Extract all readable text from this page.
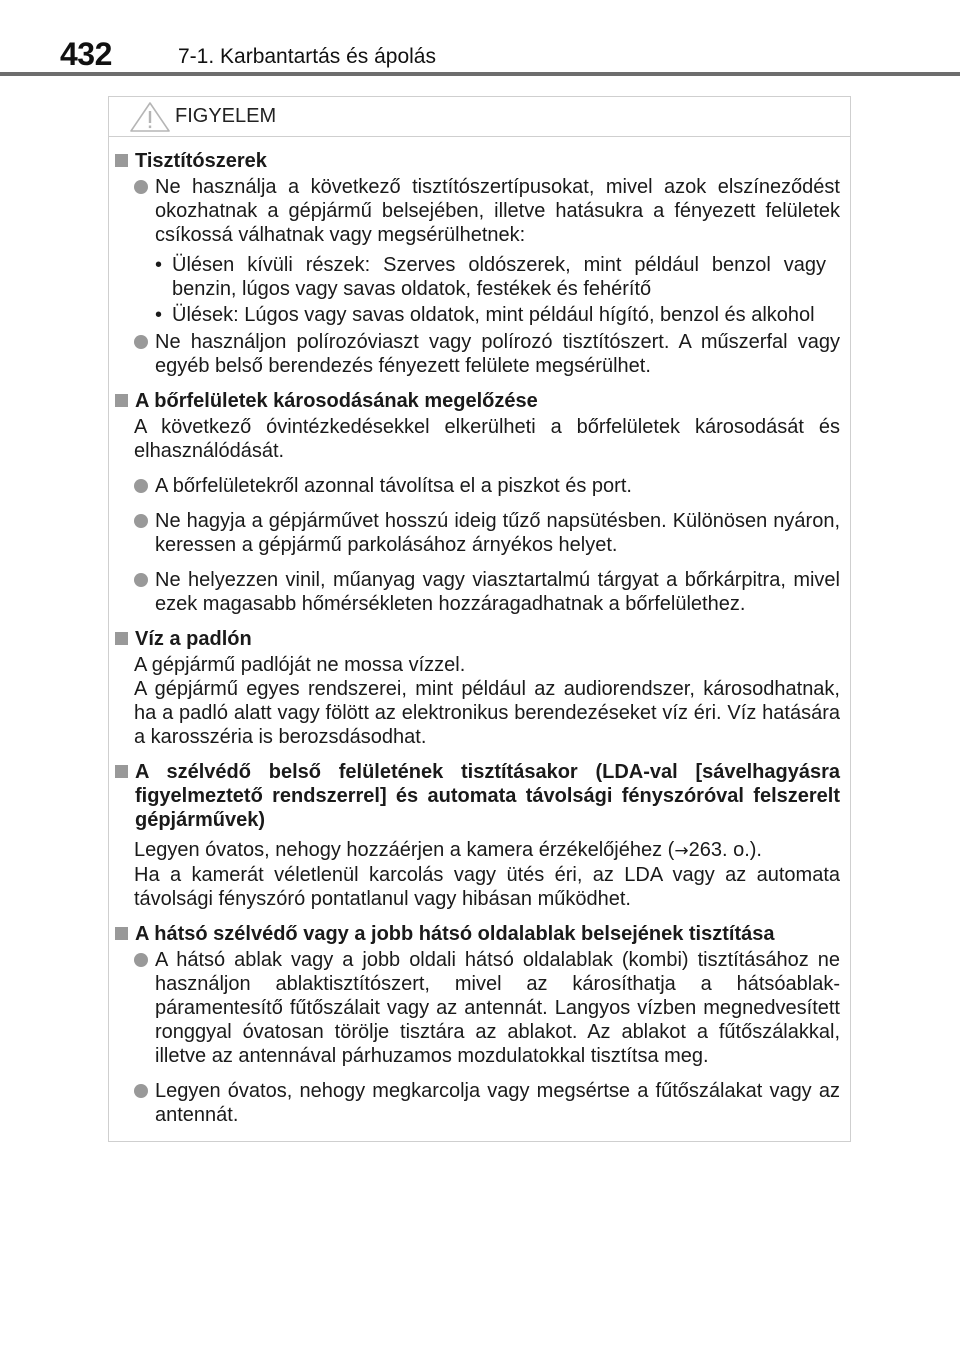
432	7-1. Karbantartás és ápolás
FIGYELEM
Tisztítószerek
Ne használja a következő tisztítószertípusokat, mivel azok elszíneződést okozhatnak a gépjármű belsejében, illetve hatásukra a fényezett felületek csíkossá válhatnak vagy megsérülhetnek:
• Ülésen kívüli részek: Szerves oldószerek, mint például benzol vagy benzin, lúgos vagy savas oldatok, festékek és fehérítő
• Ülések: Lúgos vagy savas oldatok, mint például hígító, benzol és alkohol
Ne használjon polírozóviaszt vagy polírozó tisztítószert. A műszerfal vagy egyéb belső berendezés fényezett felülete megsérülhet.
A bőrfelületek károsodásának megelőzése
A következő óvintézkedésekkel elkerülheti a bőrfelületek károsodását és elhasználódását.
A bőrfelületekről azonnal távolítsa el a piszkot és port.
Ne hagyja a gépjárművet hosszú ideig tűző napsütésben. Különösen nyáron, keressen a gépjármű parkolásához árnyékos helyet.
Ne helyezzen vinil, műanyag vagy viasztartalmú tárgyat a bőrkárpitra, mivel ezek magasabb hőmérsékleten hozzáragadhatnak a bőrfelülethez.
Víz a padlón
A gépjármű padlóját ne mossa vízzel.
A gépjármű egyes rendszerei, mint például az audiorendszer, károsodhatnak, ha a padló alatt vagy fölött az elektronikus berendezéseket víz éri. Víz hatására a karosszéria is berozsdásodhat.
A szélvédő belső felületének tisztításakor (LDA-val [sávelhagyásra figyelmeztető rendszerrel] és automata távolsági fényszóróval felszerelt gépjárművek)
Legyen óvatos, nehogy hozzáérjen a kamera érzékelőjéhez (→263. o.).
Ha a kamerát véletlenül karcolás vagy ütés éri, az LDA vagy az automata távolsági fényszóró pontatlanul vagy hibásan működhet.
A hátsó szélvédő vagy a jobb hátsó oldalablak belsejének tisztítása
A hátsó ablak vagy a jobb oldali hátsó oldalablak (kombi) tisztításához ne használjon ablaktisztítószert, mivel az károsíthatja a hátsóablak-páramentesítő fűtőszálait vagy az antennát. Langyos vízben megnedvesített ronggyal óvatosan törölje tisztára az ablakot. Az ablakot a fűtőszálakkal, illetve az antennával párhuzamos mozdulatokkal tisztítsa meg.
Legyen óvatos, nehogy megkarcolja vagy megsértse a fűtőszálakat vagy az antennát.
